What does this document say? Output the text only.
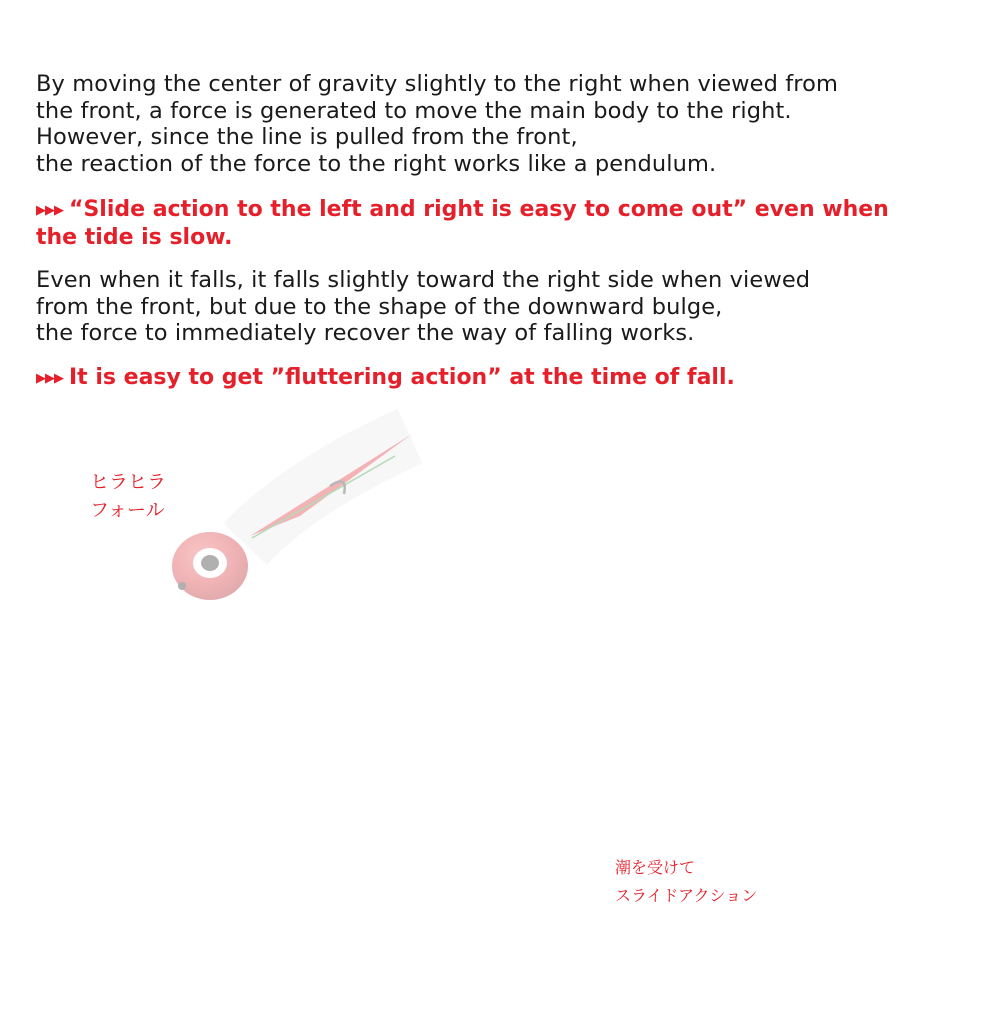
By moving the center of gravity slightly to the right when viewed from
the front, a force is generated to move the main body to the right.
However, since the line is pulled from the front,
the reaction of the force to the right works like a pendulum.

▶▶▶ “Slide action to the left and right is easy to come out” even when
the tide is slow.

Even when it falls, it falls slightly toward the right side when viewed
from the front, but due to the shape of the downward bulge,
the force to immediately recover the way of falling works.

▶▶▶ It is easy to get ”fluttering action” at the time of fall.

ヒラヒラ
フォール

潮を受けて
スライドアクション
